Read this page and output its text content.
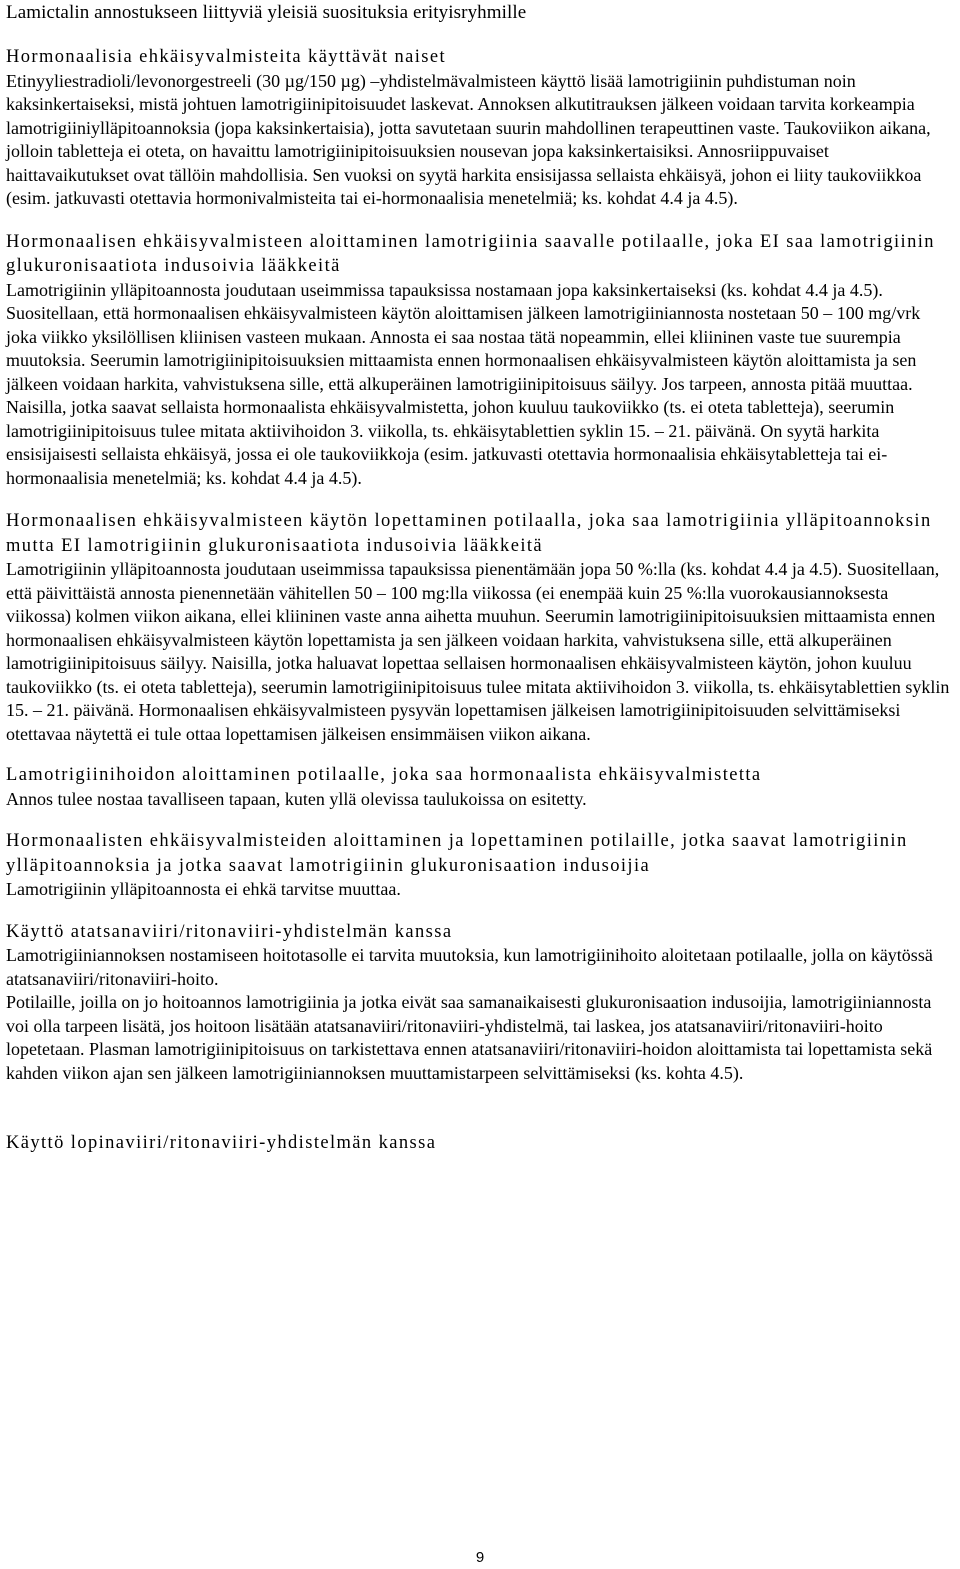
Lamictalin annostukseen liittyviä yleisiä suosituksia erityisryhmille

Hormonaalisia ehkäisyvalmisteita käyttävät naiset

Etinyyliestradioli/levonorgestreeli (30 µg/150 µg) –yhdistelmävalmisteen käyttö lisää lamotrigiinin puhdistuman noin kaksinkertaiseksi, mistä johtuen lamotrigiinipitoisuudet laskevat. Annoksen alkutitrauksen jälkeen voidaan tarvita korkeampia lamotrigiiniylläpitoannoksia (jopa kaksinkertaisia), jotta savutetaan suurin mahdollinen terapeuttinen vaste. Taukoviikon aikana, jolloin tabletteja ei oteta, on havaittu lamotrigiinipitoisuuksien nousevan jopa kaksinkertaisiksi. Annosriippuvaiset haittavaikutukset ovat tällöin mahdollisia. Sen vuoksi on syytä harkita ensisijassa sellaista ehkäisyä, johon ei liity taukoviikkoa (esim. jatkuvasti otettavia hormonivalmisteita tai ei-hormonaalisia menetelmiä; ks. kohdat 4.4 ja 4.5).

Hormonaalisen ehkäisyvalmisteen aloittaminen lamotrigiinia saavalle potilaalle, joka EI saa lamotrigiinin glukuronisaatiota indusoivia lääkkeitä

Lamotrigiinin ylläpitoannosta joudutaan useimmissa tapauksissa nostamaan jopa kaksinkertaiseksi (ks. kohdat 4.4 ja 4.5). Suositellaan, että hormonaalisen ehkäisyvalmisteen käytön aloittamisen jälkeen lamotrigiiniannosta nostetaan 50 – 100 mg/vrk joka viikko yksilöllisen kliinisen vasteen mukaan. Annosta ei saa nostaa tätä nopeammin, ellei kliininen vaste tue suurempia muutoksia. Seerumin lamotrigiinipitoisuuksien mittaamista ennen hormonaalisen ehkäisyvalmisteen käytön aloittamista ja sen jälkeen voidaan harkita, vahvistuksena sille, että alkuperäinen lamotrigiinipitoisuus säilyy. Jos tarpeen, annosta pitää muuttaa. Naisilla, jotka saavat sellaista hormonaalista ehkäisyvalmistetta, johon kuuluu taukoviikko (ts. ei oteta tabletteja), seerumin lamotrigiinipitoisuus tulee mitata aktiivihoidon 3. viikolla, ts. ehkäisytablettien syklin 15. – 21. päivänä. On syytä harkita ensisijaisesti sellaista ehkäisyä, jossa ei ole taukoviikkoja (esim. jatkuvasti otettavia hormonaalisia ehkäisytabletteja tai ei-hormonaalisia menetelmiä; ks. kohdat 4.4 ja 4.5).

Hormonaalisen ehkäisyvalmisteen käytön lopettaminen potilaalla, joka saa lamotrigiinia ylläpitoannoksin mutta EI lamotrigiinin glukuronisaatiota indusoivia lääkkeitä

Lamotrigiinin ylläpitoannosta joudutaan useimmissa tapauksissa pienentämään jopa 50 %:lla (ks. kohdat 4.4 ja 4.5). Suositellaan, että päivittäistä annosta pienennetään vähitellen 50 – 100 mg:lla viikossa (ei enempää kuin 25 %:lla vuorokausiannoksesta viikossa) kolmen viikon aikana, ellei kliininen vaste anna aihetta muuhun. Seerumin lamotrigiinipitoisuuksien mittaamista ennen hormonaalisen ehkäisyvalmisteen käytön lopettamista ja sen jälkeen voidaan harkita, vahvistuksena sille, että alkuperäinen lamotrigiinipitoisuus säilyy. Naisilla, jotka haluavat lopettaa sellaisen hormonaalisen ehkäisyvalmisteen käytön, johon kuuluu taukoviikko (ts. ei oteta tabletteja), seerumin lamotrigiinipitoisuus tulee mitata aktiivihoidon 3. viikolla, ts. ehkäisytablettien syklin 15. – 21. päivänä. Hormonaalisen ehkäisyvalmisteen pysyvän lopettamisen jälkeisen lamotrigiinipitoisuuden selvittämiseksi otettavaa näytettä ei tule ottaa lopettamisen jälkeisen ensimmäisen viikon aikana.

Lamotrigiinihoidon aloittaminen potilaalle, joka saa hormonaalista ehkäisyvalmistetta

Annos tulee nostaa tavalliseen tapaan, kuten yllä olevissa taulukoissa on esitetty.

Hormonaalisten ehkäisyvalmisteiden aloittaminen ja lopettaminen potilaille, jotka saavat lamotrigiinin ylläpitoannoksia ja jotka saavat lamotrigiinin glukuronisaation indusoijia

Lamotrigiinin ylläpitoannosta ei ehkä tarvitse muuttaa.

Käyttö atatsanaviiri/ritonaviiri-yhdistelmän kanssa

Lamotrigiiniannoksen nostamiseen hoitotasolle ei tarvita muutoksia, kun lamotrigiinihoito aloitetaan potilaalle, jolla on käytössä atatsanaviiri/ritonaviiri-hoito.

Potilaille, joilla on jo hoitoannos lamotrigiinia ja jotka eivät saa samanaikaisesti glukuronisaation indusoijia, lamotrigiiniannosta voi olla tarpeen lisätä, jos hoitoon lisätään atatsanaviiri/ritonaviiri-yhdistelmä, tai laskea, jos atatsanaviiri/ritonaviiri-hoito lopetetaan. Plasman lamotrigiinipitoisuus on tarkistettava ennen atatsanaviiri/ritonaviiri-hoidon aloittamista tai lopettamista sekä kahden viikon ajan sen jälkeen lamotrigiiniannoksen muuttamistarpeen selvittämiseksi (ks. kohta 4.5).

Käyttö lopinaviiri/ritonaviiri-yhdistelmän kanssa

9
